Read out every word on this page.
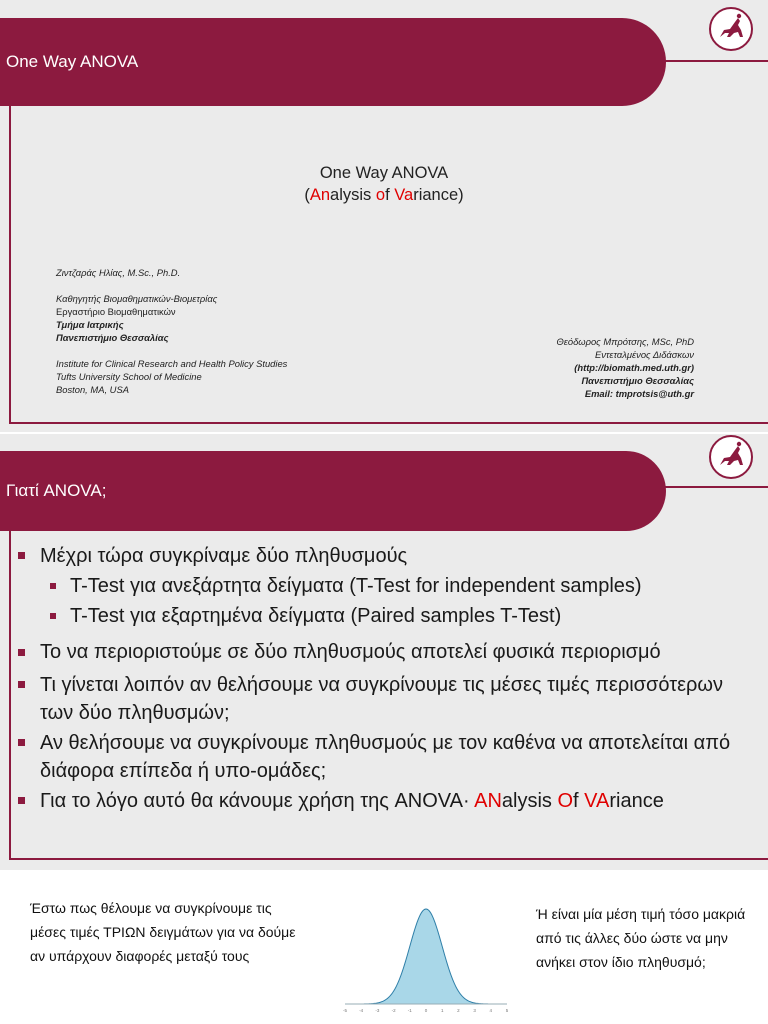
One Way ANOVA
One Way ANOVA
(Analysis of Variance)
Ζιντζαράς Ηλίας, M.Sc., Ph.D.
Καθηγητής Βιομαθηματικών-Βιομετρίας
Εργαστήριο Βιομαθηματικών
Τμήμα Ιατρικής
Πανεπιστήμιο Θεσσαλίας
Institute for Clinical Research and Health Policy Studies
Tufts University School of Medicine
Boston, MA, USA
Θεόδωρος Μπρότσης, MSc, PhD
Εντεταλμένος Διδάσκων
(http://biomath.med.uth.gr)
Πανεπιστήμιο Θεσσαλίας
Email: tmprotsis@uth.gr
Γιατί ANOVA;
Μέχρι τώρα συγκρίναμε δύο πληθυσμούς
T-Test για ανεξάρτητα δείγματα (T-Test for independent samples)
T-Test για εξαρτημένα δείγματα (Paired samples T-Test)
Το να περιοριστούμε σε δύο πληθυσμούς αποτελεί φυσικά περιορισμό
Τι γίνεται λοιπόν αν θελήσουμε να συγκρίνουμε τις μέσες τιμές περισσότερων των δύο πληθυσμών;
Αν θελήσουμε να συγκρίνουμε πληθυσμούς με τον καθένα να αποτελείται από διάφορα επίπεδα ή υπο-ομάδες;
Για το λόγο αυτό θα κάνουμε χρήση της ANOVA· ANalysis Of VAriance
Έστω πως θέλουμε να συγκρίνουμε τις μέσες τιμές ΤΡΙΩΝ δειγμάτων για να δούμε αν υπάρχουν διαφορές μεταξύ τους
-5	-4	-3	-2	-1	0	1	2	3	4	5
Ή είναι μία μέση τιμή τόσο μακριά από τις άλλες δύο ώστε να μην ανήκει στον ίδιο πληθυσμό;
